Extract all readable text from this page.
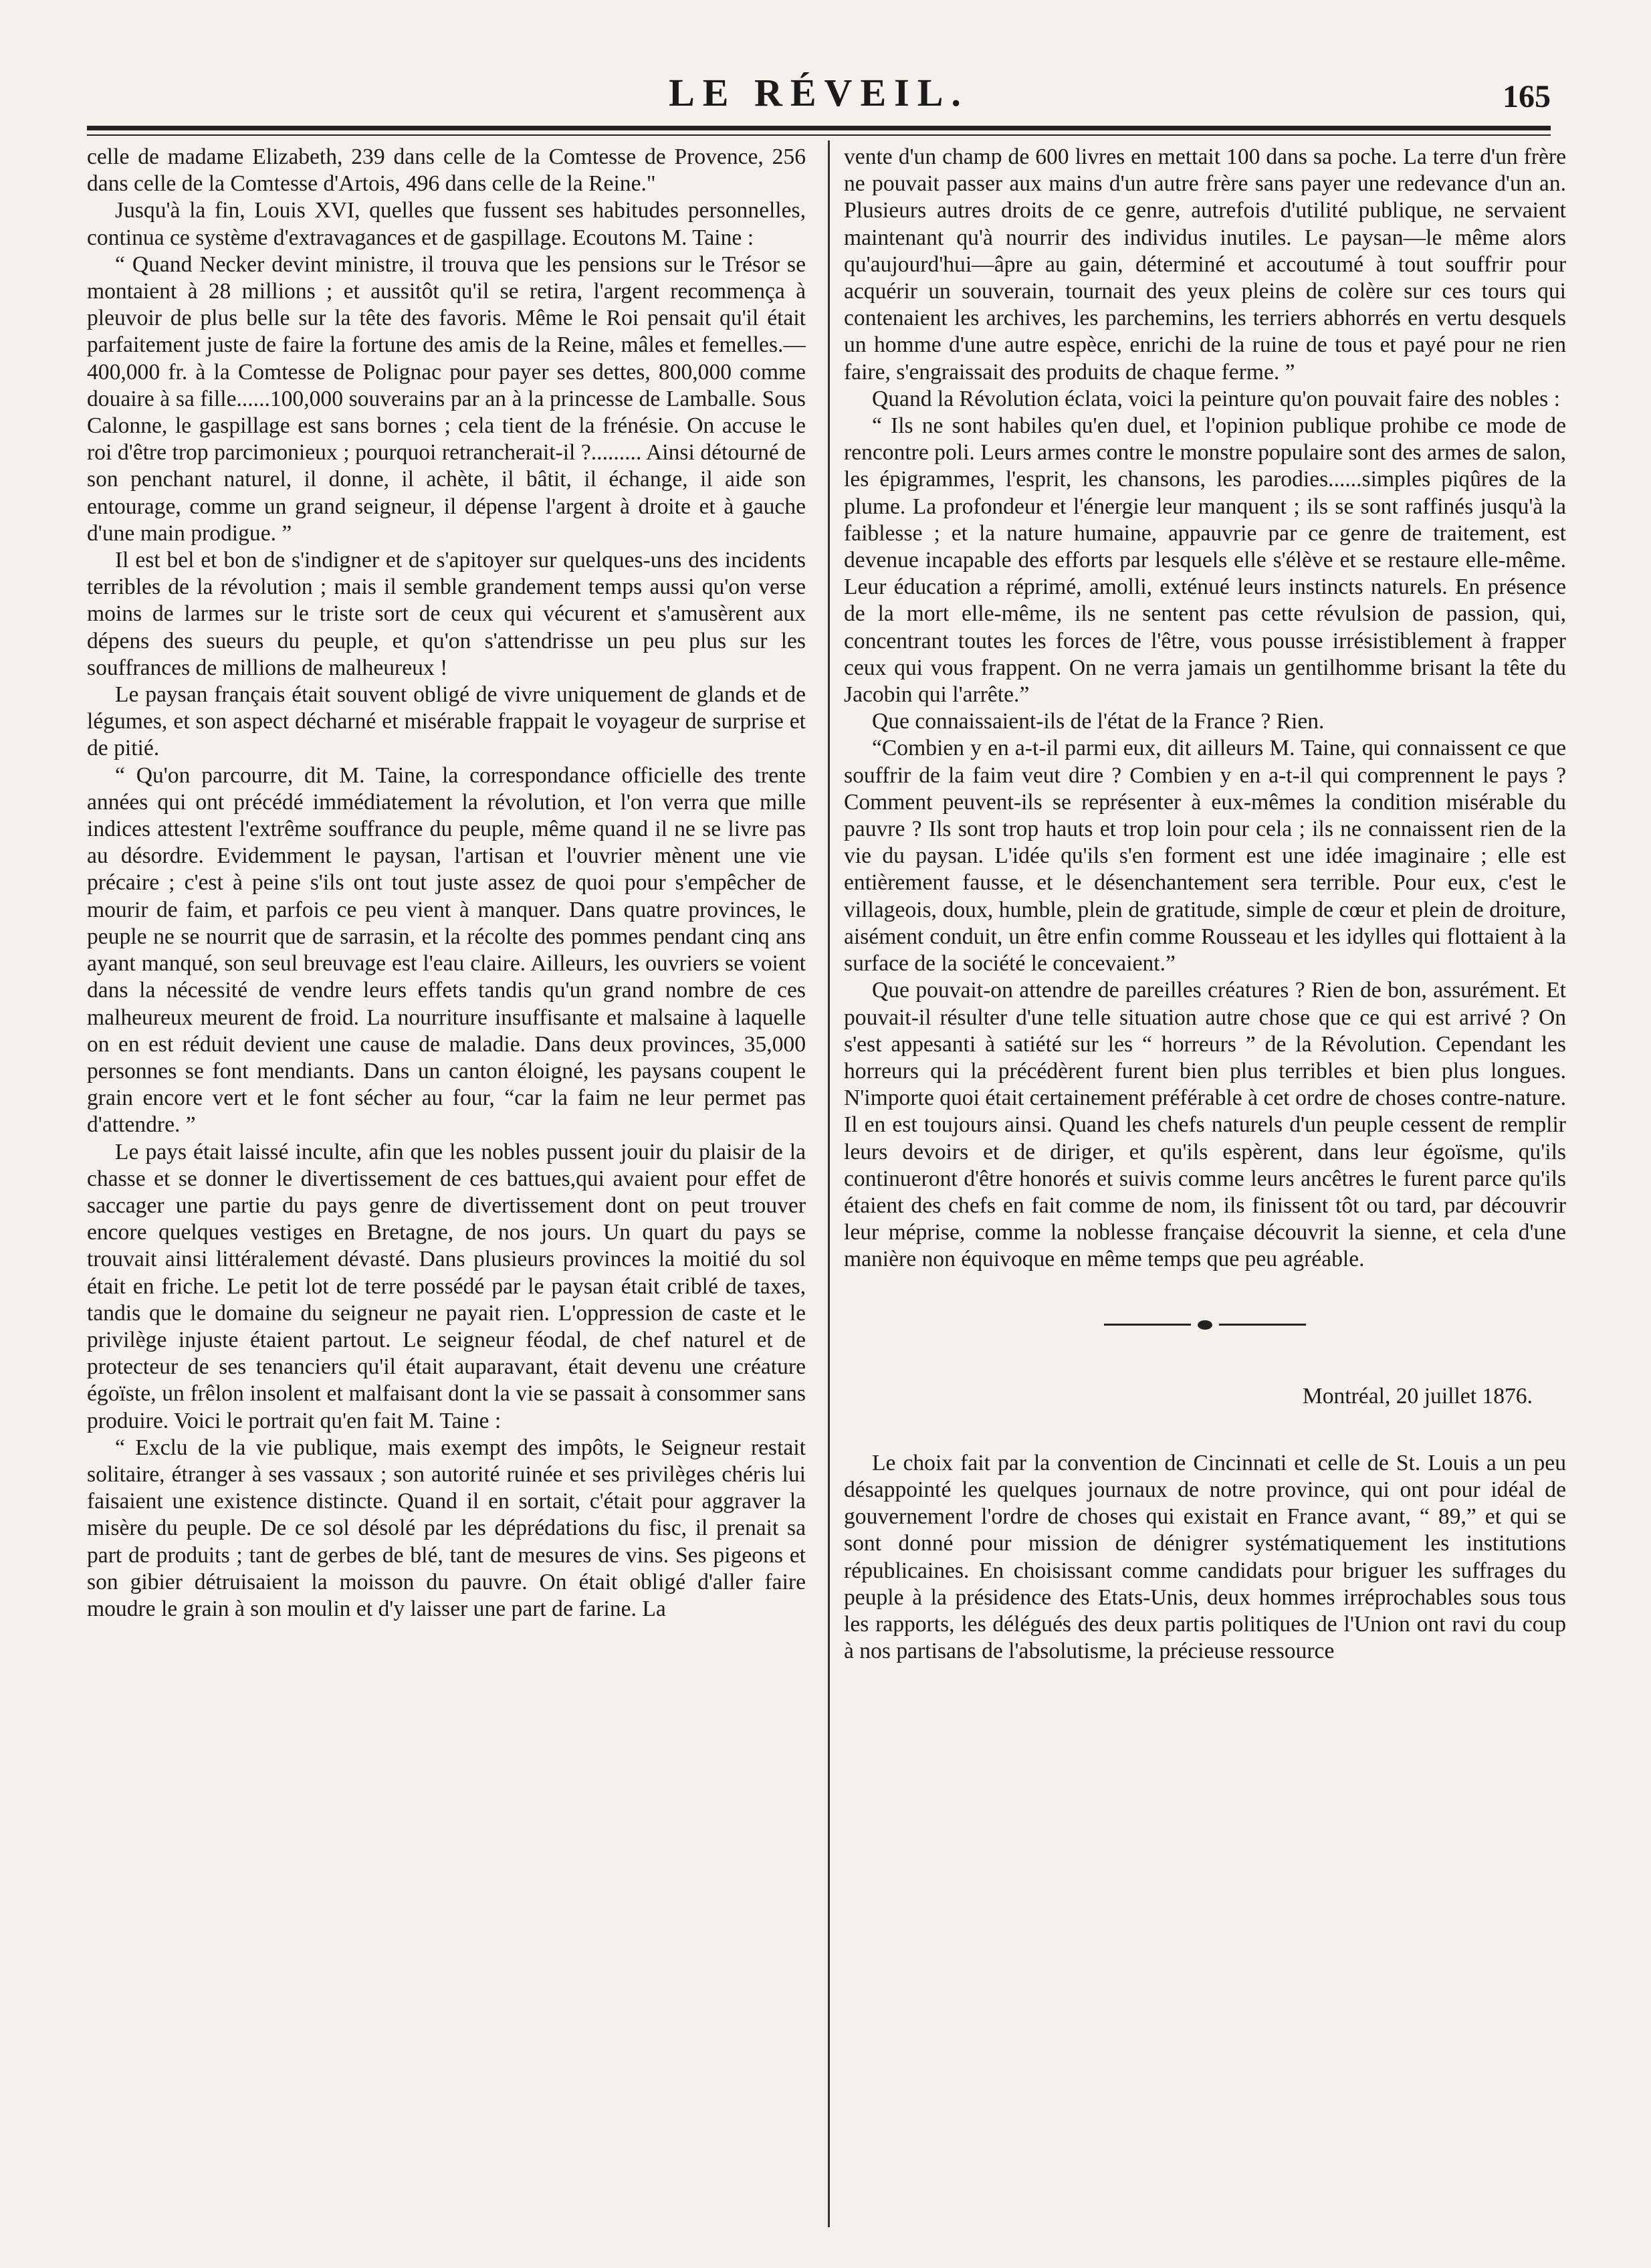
LE RÉVEIL.	165

celle de madame Elizabeth, 239 dans celle de la Comtesse de Provence, 256 dans celle de la Comtesse d'Artois, 496 dans celle de la Reine."

Jusqu'à la fin, Louis XVI, quelles que fussent ses habitudes personnelles, continua ce système d'extravagances et de gaspillage. Ecoutons M. Taine :

“ Quand Necker devint ministre, il trouva que les pensions sur le Trésor se montaient à 28 millions ; et aussitôt qu'il se retira, l'argent recommença à pleuvoir de plus belle sur la tête des favoris. Même le Roi pensait qu'il était parfaitement juste de faire la fortune des amis de la Reine, mâles et femelles.—400,000 fr. à la Comtesse de Polignac pour payer ses dettes, 800,000 comme douaire à sa fille......100,000 souverains par an à la princesse de Lamballe. Sous Calonne, le gaspillage est sans bornes ; cela tient de la frénésie. On accuse le roi d'être trop parcimonieux ; pourquoi retrancherait-il ?......... Ainsi détourné de son penchant naturel, il donne, il achète, il bâtit, il échange, il aide son entourage, comme un grand seigneur, il dépense l'argent à droite et à gauche d'une main prodigue. ”

Il est bel et bon de s'indigner et de s'apitoyer sur quelques-uns des incidents terribles de la révolution ; mais il semble grandement temps aussi qu'on verse moins de larmes sur le triste sort de ceux qui vécurent et s'amusèrent aux dépens des sueurs du peuple, et qu'on s'attendrisse un peu plus sur les souffrances de millions de malheureux !

Le paysan français était souvent obligé de vivre uniquement de glands et de légumes, et son aspect décharné et misérable frappait le voyageur de surprise et de pitié.

“ Qu'on parcourre, dit M. Taine, la correspondance officielle des trente années qui ont précédé immédiatement la révolution, et l'on verra que mille indices attestent l'extrême souffrance du peuple, même quand il ne se livre pas au désordre. Evidemment le paysan, l'artisan et l'ouvrier mènent une vie précaire ; c'est à peine s'ils ont tout juste assez de quoi pour s'empêcher de mourir de faim, et parfois ce peu vient à manquer. Dans quatre provinces, le peuple ne se nourrit que de sarrasin, et la récolte des pommes pendant cinq ans ayant manqué, son seul breuvage est l'eau claire. Ailleurs, les ouvriers se voient dans la nécessité de vendre leurs effets tandis qu'un grand nombre de ces malheureux meurent de froid. La nourriture insuffisante et malsaine à laquelle on en est réduit devient une cause de maladie. Dans deux provinces, 35,000 personnes se font mendiants. Dans un canton éloigné, les paysans coupent le grain encore vert et le font sécher au four, “car la faim ne leur permet pas d'attendre. ”

Le pays était laissé inculte, afin que les nobles pussent jouir du plaisir de la chasse et se donner le divertissement de ces battues,qui avaient pour effet de saccager une partie du pays genre de divertissement dont on peut trouver encore quelques vestiges en Bretagne, de nos jours. Un quart du pays se trouvait ainsi littéralement dévasté. Dans plusieurs provinces la moitié du sol était en friche. Le petit lot de terre possédé par le paysan était criblé de taxes, tandis que le domaine du seigneur ne payait rien. L'oppression de caste et le privilège injuste étaient partout. Le seigneur féodal, de chef naturel et de protecteur de ses tenanciers qu'il était auparavant, était devenu une créature égoïste, un frêlon insolent et malfaisant dont la vie se passait à consommer sans produire. Voici le portrait qu'en fait M. Taine :

“ Exclu de la vie publique, mais exempt des impôts, le Seigneur restait solitaire, étranger à ses vassaux ; son autorité ruinée et ses privilèges chéris lui faisaient une existence distincte. Quand il en sortait, c'était pour aggraver la misère du peuple. De ce sol désolé par les déprédations du fisc, il prenait sa part de produits ; tant de gerbes de blé, tant de mesures de vins. Ses pigeons et son gibier détruisaient la moisson du pauvre. On était obligé d'aller faire moudre le grain à son moulin et d'y laisser une part de farine. La

vente d'un champ de 600 livres en mettait 100 dans sa poche. La terre d'un frère ne pouvait passer aux mains d'un autre frère sans payer une redevance d'un an. Plusieurs autres droits de ce genre, autrefois d'utilité publique, ne servaient maintenant qu'à nourrir des individus inutiles. Le paysan—le même alors qu'aujourd'hui—âpre au gain, déterminé et accoutumé à tout souffrir pour acquérir un souverain, tournait des yeux pleins de colère sur ces tours qui contenaient les archives, les parchemins, les terriers abhorrés en vertu desquels un homme d'une autre espèce, enrichi de la ruine de tous et payé pour ne rien faire, s'engraissait des produits de chaque ferme. ”

Quand la Révolution éclata, voici la peinture qu'on pouvait faire des nobles :

“ Ils ne sont habiles qu'en duel, et l'opinion publique prohibe ce mode de rencontre poli. Leurs armes contre le monstre populaire sont des armes de salon, les épigrammes, l'esprit, les chansons, les parodies......simples piqûres de la plume. La profondeur et l'énergie leur manquent ; ils se sont raffinés jusqu'à la faiblesse ; et la nature humaine, appauvrie par ce genre de traitement, est devenue incapable des efforts par lesquels elle s'élève et se restaure elle-même. Leur éducation a réprimé, amolli, exténué leurs instincts naturels. En présence de la mort elle-même, ils ne sentent pas cette révulsion de passion, qui, concentrant toutes les forces de l'être, vous pousse irrésistiblement à frapper ceux qui vous frappent. On ne verra jamais un gentilhomme brisant la tête du Jacobin qui l'arrête.”

Que connaissaient-ils de l'état de la France ? Rien.

“Combien y en a-t-il parmi eux, dit ailleurs M. Taine, qui connaissent ce que souffrir de la faim veut dire ? Combien y en a-t-il qui comprennent le pays ? Comment peuvent-ils se représenter à eux-mêmes la condition misérable du pauvre ? Ils sont trop hauts et trop loin pour cela ; ils ne connaissent rien de la vie du paysan. L'idée qu'ils s'en forment est une idée imaginaire ; elle est entièrement fausse, et le désenchantement sera terrible. Pour eux, c'est le villageois, doux, humble, plein de gratitude, simple de cœur et plein de droiture, aisément conduit, un être enfin comme Rousseau et les idylles qui flottaient à la surface de la société le concevaient.”

Que pouvait-on attendre de pareilles créatures ? Rien de bon, assurément. Et pouvait-il résulter d'une telle situation autre chose que ce qui est arrivé ? On s'est appesanti à satiété sur les “ horreurs ” de la Révolution. Cependant les horreurs qui la précédèrent furent bien plus terribles et bien plus longues. N'importe quoi était certainement préférable à cet ordre de choses contre-nature. Il en est toujours ainsi. Quand les chefs naturels d'un peuple cessent de remplir leurs devoirs et de diriger, et qu'ils espèrent, dans leur égoïsme, qu'ils continueront d'être honorés et suivis comme leurs ancêtres le furent parce qu'ils étaient des chefs en fait comme de nom, ils finissent tôt ou tard, par découvrir leur méprise, comme la noblesse française découvrit la sienne, et cela d'une manière non équivoque en même temps que peu agréable.

Montréal, 20 juillet 1876.

Le choix fait par la convention de Cincinnati et celle de St. Louis a un peu désappointé les quelques journaux de notre province, qui ont pour idéal de gouvernement l'ordre de choses qui existait en France avant, “ 89,” et qui se sont donné pour mission de dénigrer systématiquement les institutions républicaines. En choisissant comme candidats pour briguer les suffrages du peuple à la présidence des Etats-Unis, deux hommes irréprochables sous tous les rapports, les délégués des deux partis politiques de l'Union ont ravi du coup à nos partisans de l'absolutisme, la précieuse ressource
